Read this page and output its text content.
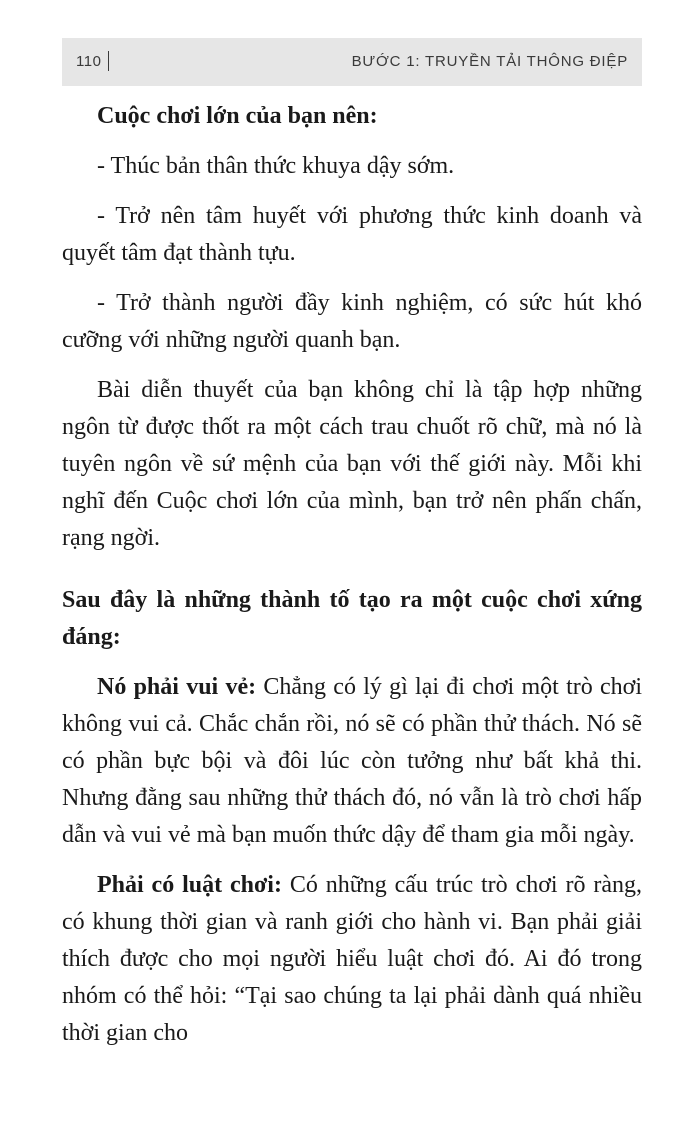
110	BƯỚC 1: TRUYỀN TẢI THÔNG ĐIỆP

Cuộc chơi lớn của bạn nên:

- Thúc bản thân thức khuya dậy sớm.

- Trở nên tâm huyết với phương thức kinh doanh và quyết tâm đạt thành tựu.

- Trở thành người đầy kinh nghiệm, có sức hút khó cưỡng với những người quanh bạn.

Bài diễn thuyết của bạn không chỉ là tập hợp những ngôn từ được thốt ra một cách trau chuốt rõ chữ, mà nó là tuyên ngôn về sứ mệnh của bạn với thế giới này. Mỗi khi nghĩ đến Cuộc chơi lớn của mình, bạn trở nên phấn chấn, rạng ngời.

Sau đây là những thành tố tạo ra một cuộc chơi xứng đáng:

Nó phải vui vẻ: Chẳng có lý gì lại đi chơi một trò chơi không vui cả. Chắc chắn rồi, nó sẽ có phần thử thách. Nó sẽ có phần bực bội và đôi lúc còn tưởng như bất khả thi. Nhưng đằng sau những thử thách đó, nó vẫn là trò chơi hấp dẫn và vui vẻ mà bạn muốn thức dậy để tham gia mỗi ngày.

Phải có luật chơi: Có những cấu trúc trò chơi rõ ràng, có khung thời gian và ranh giới cho hành vi. Bạn phải giải thích được cho mọi người hiểu luật chơi đó. Ai đó trong nhóm có thể hỏi: “Tại sao chúng ta lại phải dành quá nhiều thời gian cho
